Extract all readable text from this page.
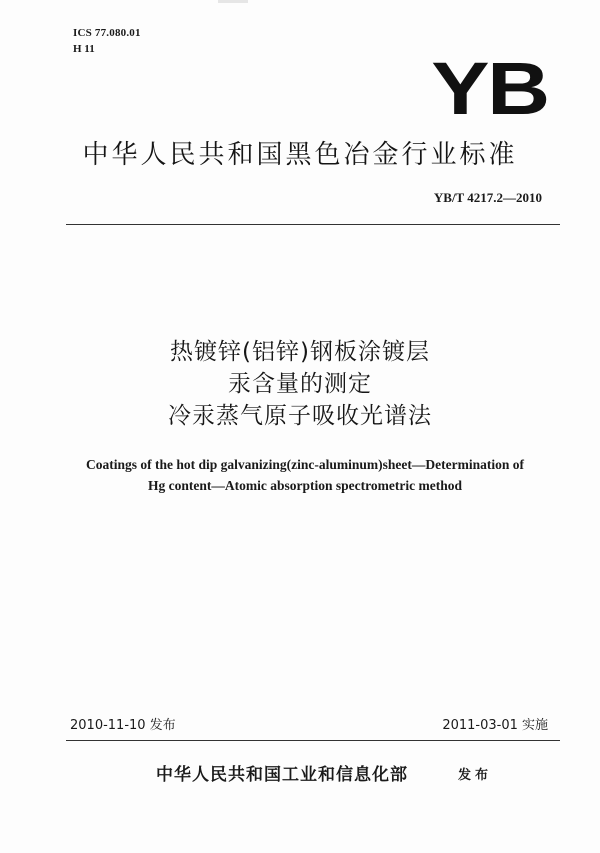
ICS 77.080.01
H 11	YB
中华人民共和国黑色冶金行业标准
YB/T 4217.2—2010
热镀锌(铝锌)钢板涂镀层
汞含量的测定
冷汞蒸气原子吸收光谱法
Coatings of the hot dip galvanizing(zinc-aluminum)sheet—Determination of
Hg content—Atomic absorption spectrometric method
2010-11-10 发布	2011-03-01 实施
中华人民共和国工业和信息化部	发布
